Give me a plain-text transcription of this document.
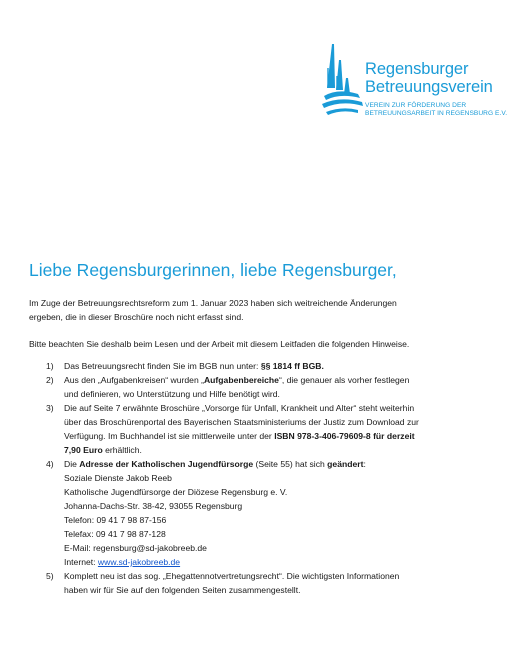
Regensburger
Betreuungsverein
VEREIN ZUR FÖRDERUNG DER
BETREUUNGSARBEIT IN REGENSBURG E.V.
Liebe Regensburgerinnen, liebe Regensburger,

Im Zuge der Betreuungsrechtsreform zum 1. Januar 2023 haben sich weitreichende Änderungen
ergeben, die in dieser Broschüre noch nicht erfasst sind.

Bitte beachten Sie deshalb beim Lesen und der Arbeit mit diesem Leitfaden die folgenden Hinweise.

1) Das Betreuungsrecht finden Sie im BGB nun unter: §§ 1814 ff BGB.
2) Aus den „Aufgabenkreisen“ wurden „Aufgabenbereiche“, die genauer als vorher festlegen
und definieren, wo Unterstützung und Hilfe benötigt wird.
3) Die auf Seite 7 erwähnte Broschüre „Vorsorge für Unfall, Krankheit und Alter“ steht weiterhin
über das Broschürenportal des Bayerischen Staatsministeriums der Justiz zum Download zur
Verfügung. Im Buchhandel ist sie mittlerweile unter der ISBN 978-3-406-79609-8 für derzeit
7,90 Euro erhältlich.
4) Die Adresse der Katholischen Jugendfürsorge (Seite 55) hat sich geändert:
Soziale Dienste Jakob Reeb
Katholische Jugendfürsorge der Diözese Regensburg e. V.
Johanna-Dachs-Str. 38-42, 93055 Regensburg
Telefon: 09 41 7 98 87-156
Telefax: 09 41 7 98 87-128
E-Mail: regensburg@sd-jakobreeb.de
Internet: www.sd-jakobreeb.de
5) Komplett neu ist das sog. „Ehegattennotvertretungsrecht“. Die wichtigsten Informationen
haben wir für Sie auf den folgenden Seiten zusammengestellt.
